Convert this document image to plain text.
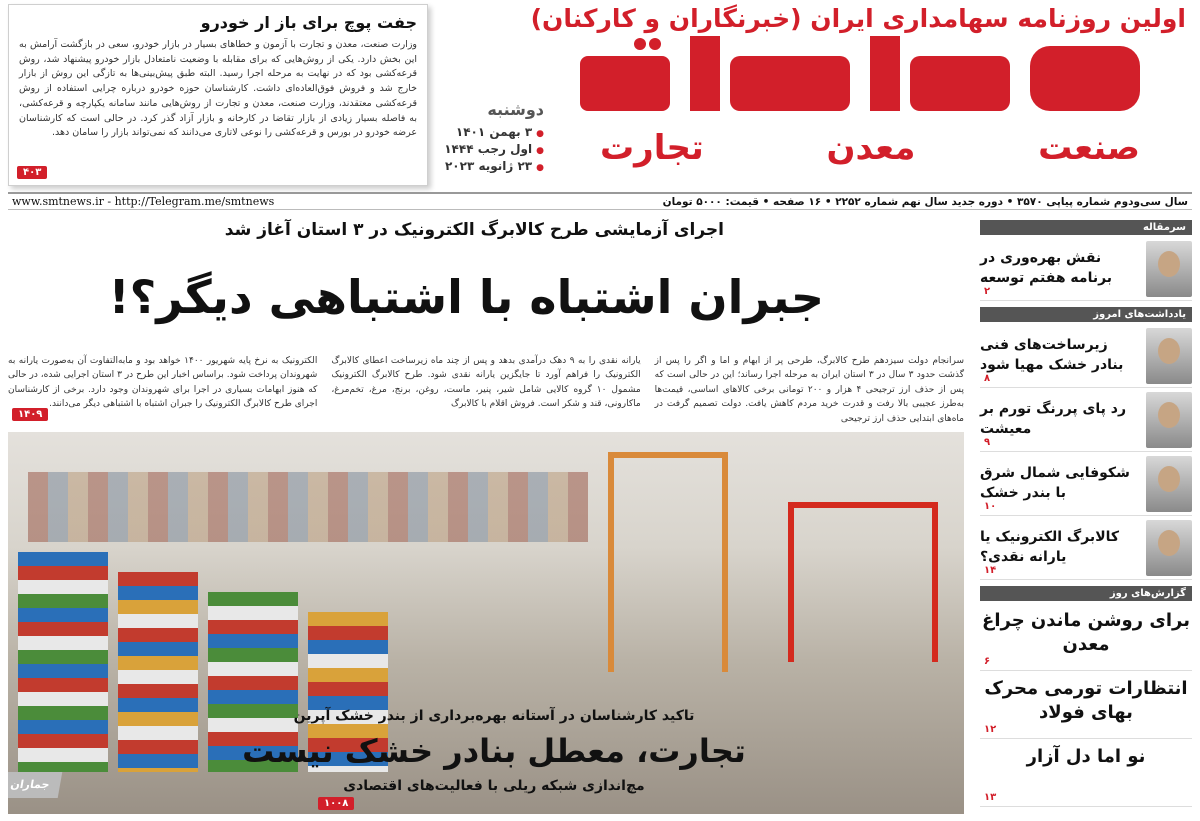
اولین روزنامه سهامداری ایران (خبرنگاران و کارکنان)
صنعت
معدن
تجارت
دوشنبه
● ۳ بهمن ۱۴۰۱
● اول رجب ۱۴۴۴
● ۲۳ ژانویه ۲۰۲۳
جفت پوچ برای باز ار خودرو

وزارت صنعت، معدن و تجارت با آزمون و خطاهای بسیار در بازار خودرو، سعی در بازگشت آرامش به این بخش دارد. یکی از روش‌هایی که برای مقابله با وضعیت نامتعادل بازار خودرو پیشنهاد شد، روش قرعه‌کشی بود که در نهایت به مرحله اجرا رسید. البته طبق پیش‌بینی‌ها به تازگی این روش از بازار خارج شد و فروش فوق‌العاده‌ای داشت. کارشناسان حوزه خودرو درباره چرایی استفاده از روش قرعه‌کشی معتقدند، وزارت صنعت، معدن و تجارت از روش‌هایی مانند سامانه یکپارچه و قرعه‌کشی، به فاصله بسیار زیادی از بازار تقاضا در کارخانه و بازار آزاد گذر کرد. در حالی است که کارشناسان عرضه خودرو در بورس و قرعه‌کشی را نوعی لاتاری می‌دانند که نمی‌تواند بازار را سامان دهد.

۴۰۳
سال سی‌ودوم شماره پیاپی ۳۵۷۰ • دوره جدید سال نهم شماره ۲۲۵۲ • ۱۶ صفحه • قیمت: ۵۰۰۰ تومان
www.smtnews.ir - http://Telegram.me/smtnews
سرمقاله
نقش بهره‌وری در برنامه هفتم توسعه
۲
یادداشت‌های امروز
زیرساخت‌های فنی بنادر خشک مهیا شود
۸
رد پای پررنگ تورم بر معیشت
۹
شکوفایی شمال شرق با بندر خشک
۱۰
کالابرگ الکترونیک یا یارانه نقدی؟
۱۴
گزارش‌های روز
برای روشن ماندن چراغ معدن
۶
انتظارات تورمی محرک بهای فولاد
۱۲
نو اما دل آزار
۱۳
اجرای آزمایشی طرح کالابرگ الکترونیک در ۳ استان آغاز شد
جبران اشتباه با اشتباهی دیگر؟!

سرانجام دولت سیزدهم طرح کالابرگ، طرحی پر از ابهام و اما و اگر را پس از گذشت حدود ۳ سال در ۳ استان ایران به مرحله اجرا رساند؛ این در حالی است که پس از حذف ارز ترجیحی ۴ هزار و ۲۰۰ تومانی برخی کالاهای اساسی، قیمت‌ها به‌طرز عجیبی بالا رفت و قدرت خرید مردم کاهش یافت. دولت تصمیم گرفت در ماه‌های ابتدایی حذف ارز ترجیحی

یارانه نقدی را به ۹ دهک درآمدی بدهد و پس از چند ماه زیرساخت اعطای کالابرگ الکترونیک را فراهم آورد تا جایگزین یارانه نقدی شود. طرح کالابرگ الکترونیک مشمول ۱۰ گروه کالایی شامل شیر، پنیر، ماست، روغن، برنج، مرغ، تخم‌مرغ، ماکارونی، قند و شکر است. فروش اقلام با کالابرگ

الکترونیک به نرخ پایه شهریور ۱۴۰۰ خواهد بود و مابه‌التفاوت آن به‌صورت یارانه به شهروندان پرداخت شود. براساس اخبار این طرح در ۳ استان اجرایی شده، در حالی که هنوز ابهامات بسیاری در اجرا برای شهروندان وجود دارد. برخی از کارشناسان اجرای طرح کالابرگ الکترونیک را جبران اشتباه با اشتباهی دیگر می‌دانند.

۱۴۰۹
تاکید کارشناسان در آستانه بهره‌برداری از بندر خشک آپرین
تجارت، معطل بنادر خشک نیست
مچ‌اندازی شبکه ریلی با فعالیت‌های اقتصادی
۱۰۰۸
جماران
